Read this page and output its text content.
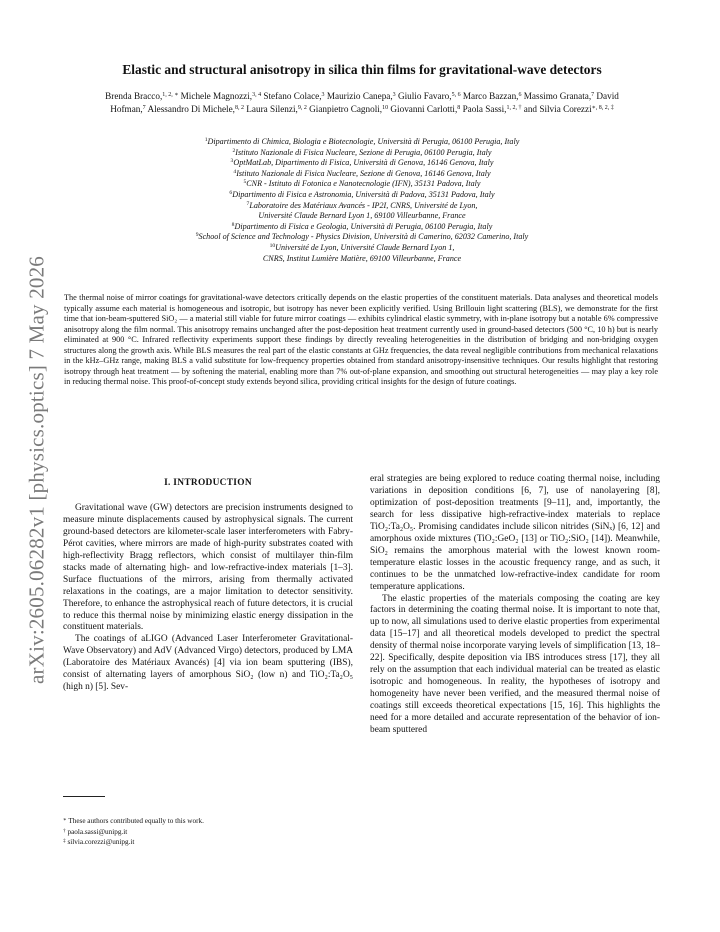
arXiv:2605.06282v1 [physics.optics] 7 May 2026
Elastic and structural anisotropy in silica thin films for gravitational-wave detectors
Brenda Bracco,$^{1, 2, ∗}$ Michele Magnozzi,$^{3, 4}$ Stefano Colace,$^3$ Maurizio Canepa,$^3$ Giulio Favaro,$^{5, 6}$ Marco Bazzan,$^6$ Massimo Granata,$^7$ David Hofman,$^7$ Alessandro Di Michele,$^{8, 2}$ Laura Silenzi,$^{9, 2}$ Gianpietro Cagnoli,$^{10}$ Giovanni Carlotti,$^8$ Paola Sassi,$^{1, 2, \dagger}$ and Silvia Corezzi$^{∗, 8, 2, \ddagger}$
$^1$Dipartimento di Chimica, Biologia e Biotecnologie, Università di Perugia, 06100 Perugia, Italy
$^2$Istituto Nazionale di Fisica Nucleare, Sezione di Perugia, 06100 Perugia, Italy
$^3$OptMatLab, Dipartimento di Fisica, Università di Genova, 16146 Genova, Italy
$^4$Istituto Nazionale di Fisica Nucleare, Sezione di Genova, 16146 Genova, Italy
$^5$CNR - Istituto di Fotonica e Nanotecnologie (IFN), 35131 Padova, Italy
$^6$Dipartimento di Fisica e Astronomia, Università di Padova, 35131 Padova, Italy
$^7$Laboratoire des Matériaux Avancés - IP2I, CNRS, Université de Lyon,
Université Claude Bernard Lyon 1, 69100 Villeurbanne, France
$^8$Dipartimento di Fisica e Geologia, Università di Perugia, 06100 Perugia, Italy
$^9$School of Science and Technology - Physics Division, Università di Camerino, 62032 Camerino, Italy
$^{10}$Université de Lyon, Université Claude Bernard Lyon 1,
CNRS, Institut Lumière Matière, 69100 Villeurbanne, France
The thermal noise of mirror coatings for gravitational-wave detectors critically depends on the elastic properties of the constituent materials. Data analyses and theoretical models typically assume each material is homogeneous and isotropic, but isotropy has never been explicitly verified. Using Brillouin light scattering (BLS), we demonstrate for the first time that ion-beam-sputtered SiO₂ — a material still viable for future mirror coatings — exhibits cylindrical elastic symmetry, with in-plane isotropy but a notable 6% compressive anisotropy along the film normal. This anisotropy remains unchanged after the post-deposition heat treatment currently used in ground-based detectors (500 °C, 10 h) but is nearly eliminated at 900 °C. Infrared reflectivity experiments support these findings by directly revealing heterogeneities in the distribution of bridging and non-bridging oxygen structures along the growth axis. While BLS measures the real part of the elastic constants at GHz frequencies, the data reveal negligible contributions from mechanical relaxations in the kHz–GHz range, making BLS a valid substitute for low-frequency properties obtained from standard anisotropy-insensitive techniques. Our results highlight that restoring isotropy through heat treatment — by softening the material, enabling more than 7% out-of-plane expansion, and smoothing out structural heterogeneities — may play a key role in reducing thermal noise. This proof-of-concept study extends beyond silica, providing critical insights for the design of future coatings.
I. INTRODUCTION

Gravitational wave (GW) detectors are precision instruments designed to measure minute displacements caused by astrophysical signals. The current ground-based detectors are kilometer-scale laser interferometers with Fabry-Pérot cavities, where mirrors are made of high-purity substrates coated with high-reflectivity Bragg reflectors, which consist of multilayer thin-film stacks made of alternating high- and low-refractive-index materials [1–3]. Surface fluctuations of the mirrors, arising from thermally activated relaxations in the coatings, are a major limitation to detector sensitivity. Therefore, to enhance the astrophysical reach of future detectors, it is crucial to reduce this thermal noise by minimizing elastic energy dissipation in the constituent materials.

The coatings of aLIGO (Advanced Laser Interferometer Gravitational-Wave Observatory) and AdV (Advanced Virgo) detectors, produced by LMA (Laboratoire des Matériaux Avancés) [4] via ion beam sputtering (IBS), consist of alternating layers of amorphous SiO₂ (low n) and TiO₂:Ta₂O₅ (high n) [5]. Sev-

eral strategies are being explored to reduce coating thermal noise, including variations in deposition conditions [6, 7], use of nanolayering [8], optimization of post-deposition treatments [9–11], and, importantly, the search for less dissipative high-refractive-index materials to replace TiO₂:Ta₂O₅. Promising candidates include silicon nitrides (SiNₓ) [6, 12] and amorphous oxide mixtures (TiO₂:GeO₂ [13] or TiO₂:SiO₂ [14]). Meanwhile, SiO₂ remains the amorphous material with the lowest known room-temperature elastic losses in the acoustic frequency range, and as such, it continues to be the unmatched low-refractive-index candidate for room temperature applications.

The elastic properties of the materials composing the coating are key factors in determining the coating thermal noise. It is important to note that, up to now, all simulations used to derive elastic properties from experimental data [15–17] and all theoretical models developed to predict the spectral density of thermal noise incorporate varying levels of simplification [13, 18–22]. Specifically, despite deposition via IBS introduces stress [17], they all rely on the assumption that each individual material can be treated as elastic isotropic and homogeneous. In reality, the hypotheses of isotropy and homogeneity have never been verified, and the measured thermal noise of coatings still exceeds theoretical expectations [15, 16]. This highlights the need for a more detailed and accurate representation of the behavior of ion-beam sputtered

∗ These authors contributed equally to this work.
† paola.sassi@unipg.it
‡ silvia.corezzi@unipg.it
